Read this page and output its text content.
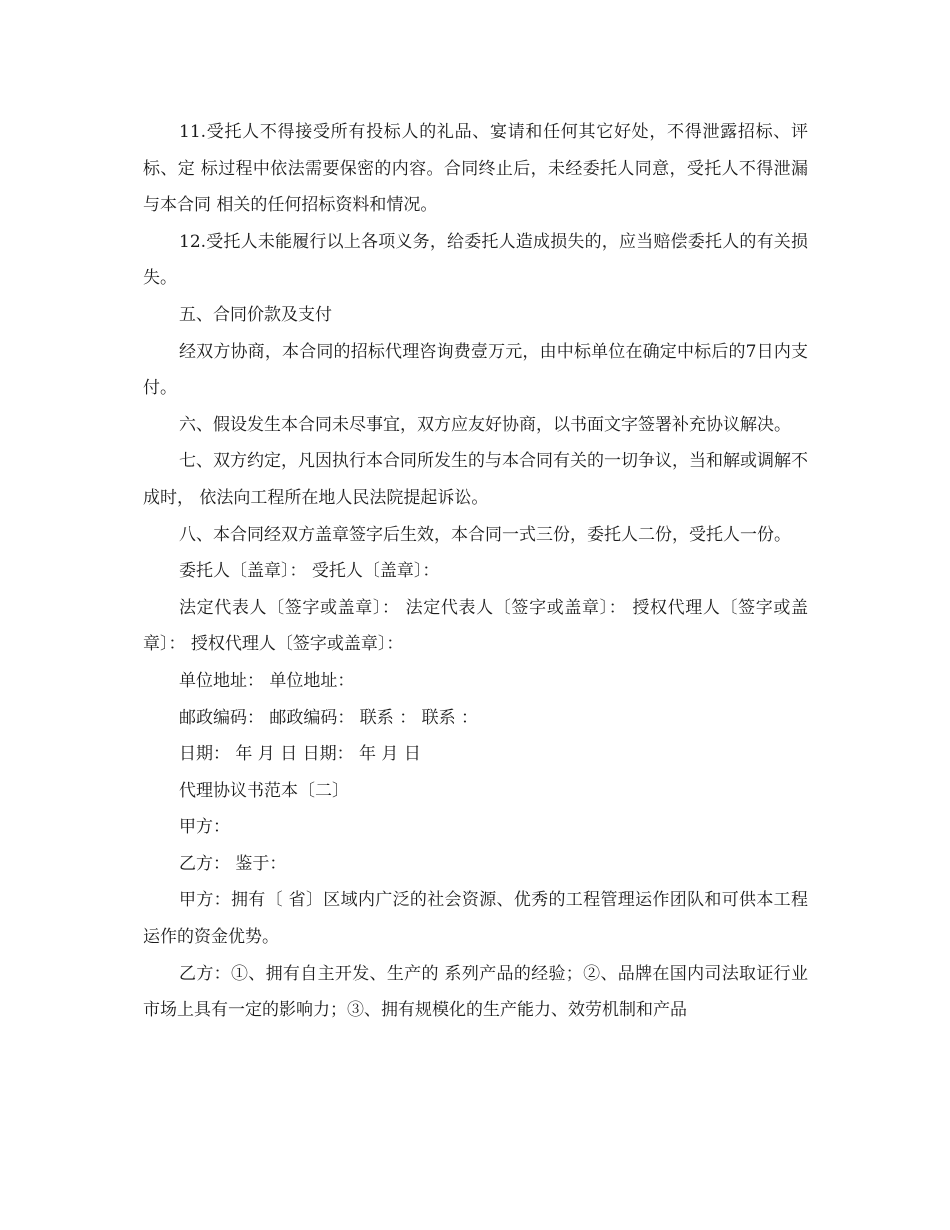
11.受托人不得接受所有投标人的礼品、宴请和任何其它好处，不得泄露招标、评标、定 标过程中依法需要保密的内容。合同终止后，未经委托人同意，受托人不得泄漏与本合同 相关的任何招标资料和情况。

12.受托人未能履行以上各项义务，给委托人造成损失的，应当赔偿委托人的有关损失。

五、合同价款及支付

经双方协商，本合同的招标代理咨询费壹万元，由中标单位在确定中标后的7日内支付。

六、假设发生本合同未尽事宜，双方应友好协商，以书面文字签署补充协议解决。

七、双方约定，凡因执行本合同所发生的与本合同有关的一切争议，当和解或调解不成时， 依法向工程所在地人民法院提起诉讼。

八、本合同经双方盖章签字后生效，本合同一式三份，委托人二份，受托人一份。

委托人〔盖章〕： 受托人〔盖章〕：

法定代表人〔签字或盖章〕： 法定代表人〔签字或盖章〕： 授权代理人〔签字或盖章〕： 授权代理人〔签字或盖章〕：

单位地址： 单位地址：

邮政编码： 邮政编码： 联系 ： 联系 ：

日期： 年 月 日 日期： 年 月 日

代理协议书范本〔二〕

甲方：

乙方： 鉴于：

甲方：拥有〔 省〕区域内广泛的社会资源、优秀的工程管理运作团队和可供本工程运作的资金优势。

乙方：①、拥有自主开发、生产的 系列产品的经验；②、品牌在国内司法取证行业市场上具有一定的影响力；③、拥有规模化的生产能力、效劳机制和产品
